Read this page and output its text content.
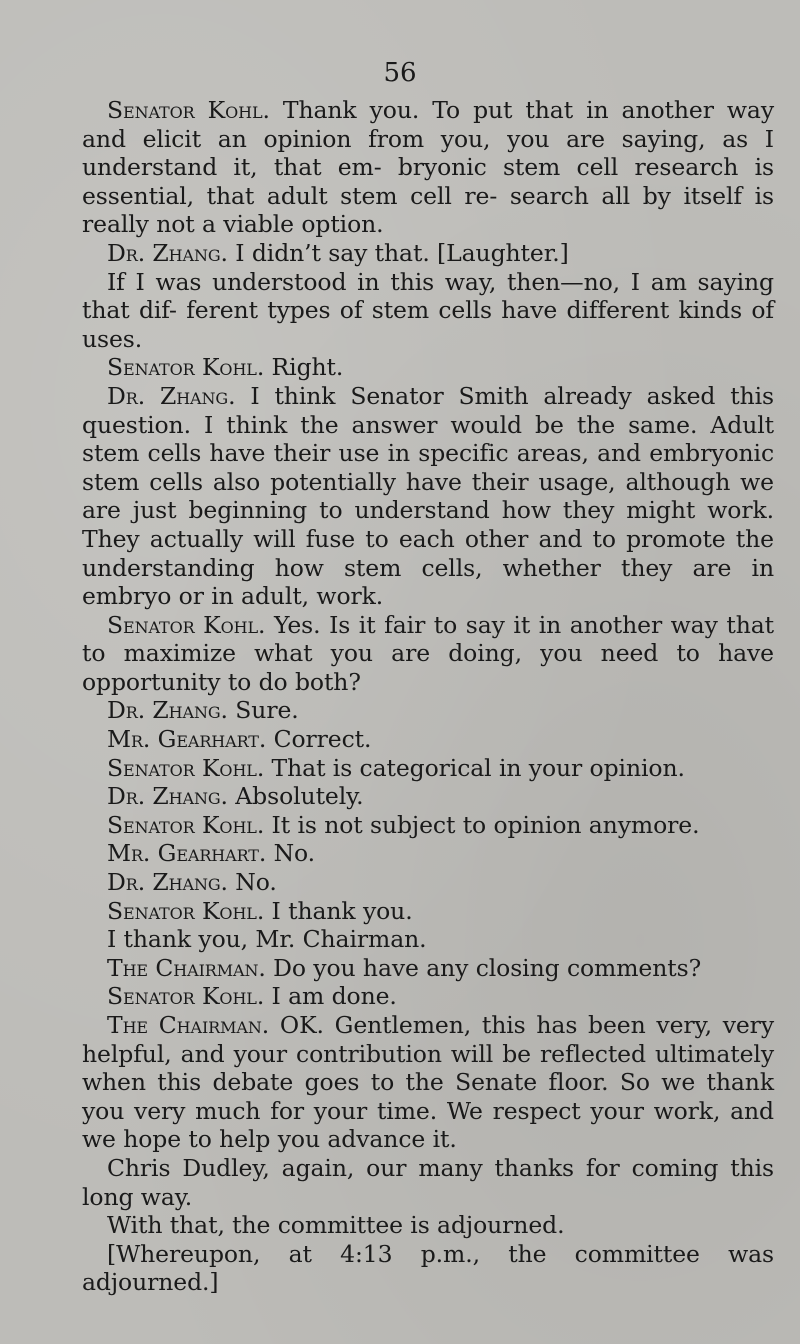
56

Senator Kohl. Thank you. To put that in another way and elicit an opinion from you, you are saying, as I understand it, that em- bryonic stem cell research is essential, that adult stem cell re- search all by itself is really not a viable option.

Dr. Zhang. I didn’t say that. [Laughter.]

If I was understood in this way, then—no, I am saying that dif- ferent types of stem cells have different kinds of uses.

Senator Kohl. Right.

Dr. Zhang. I think Senator Smith already asked this question. I think the answer would be the same. Adult stem cells have their use in specific areas, and embryonic stem cells also potentially have their usage, although we are just beginning to understand how they might work. They actually will fuse to each other and to promote the understanding how stem cells, whether they are in embryo or in adult, work.

Senator Kohl. Yes. Is it fair to say it in another way that to maximize what you are doing, you need to have opportunity to do both?

Dr. Zhang. Sure.

Mr. Gearhart. Correct.

Senator Kohl. That is categorical in your opinion.

Dr. Zhang. Absolutely.

Senator Kohl. It is not subject to opinion anymore.

Mr. Gearhart. No.

Dr. Zhang. No.

Senator Kohl. I thank you.

I thank you, Mr. Chairman.

The Chairman. Do you have any closing comments?

Senator Kohl. I am done.

The Chairman. OK. Gentlemen, this has been very, very helpful, and your contribution will be reflected ultimately when this debate goes to the Senate floor. So we thank you very much for your time. We respect your work, and we hope to help you advance it.

Chris Dudley, again, our many thanks for coming this long way.

With that, the committee is adjourned.

[Whereupon, at 4:13 p.m., the committee was adjourned.]
